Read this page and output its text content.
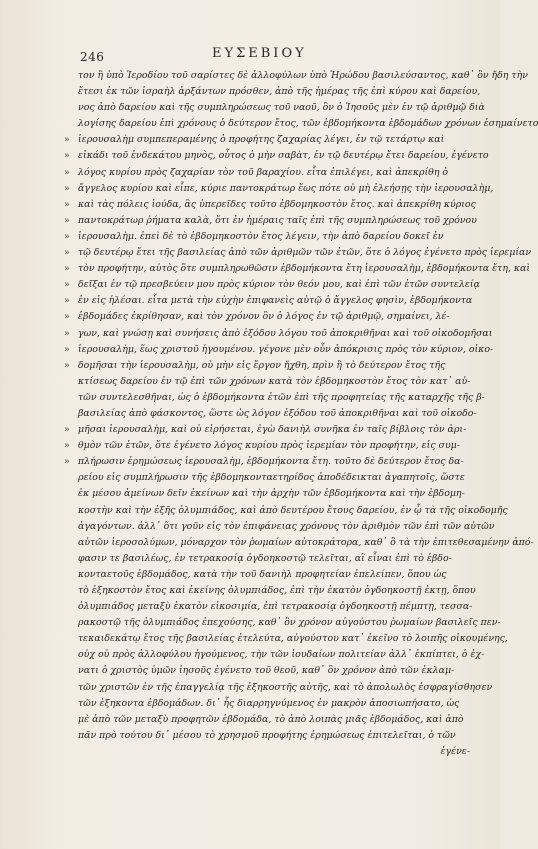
246	ΕΥΣΕΒΙΟΥ
τον ἢ ὑπὸ Ἱεροδίου τοῦ σαρίστες δὲ ἀλλοφύλων ὑπὸ Ἡρώδου βασιλεύσαντος, καθ᾽ ὃν ἤδη τὴν
ἔτεσι ἐκ τῶν ἰσραὴλ ἀρξάντων πρόσθεν, ἀπὸ τῆς ἡμέρας τῆς ἐπὶ κύρου καὶ δαρείου,
νος ἀπὸ δαρείου καὶ τῆς συμπληρώσεως τοῦ ναοῦ, ὃν ὁ Ἱησοῦς μὲν ἐν τῷ ἀριθμῷ διὰ
λογίσης δαρείου ἐπὶ χρόνους ὁ δεύτερον ἔτος, τῶν ἑβδομήκοντα ἑβδομάδων χρόνων ἐσημαίνετο
» ἱερουσαλὴμ συμπεπεραμένης ὁ προφήτης ζαχαρίας λέγει, ἐν τῷ τετάρτῳ καὶ
» εἰκάδι τοῦ ἑνδεκάτου μηνὸς, οὗτος ὁ μὴν σαβὰτ, ἐν τῷ δευτέρῳ ἔτει δαρείου, ἐγένετο
» λόγος κυρίου πρὸς ζαχαρίαν τὸν τοῦ βαραχίου. εἶτα ἐπιλέγει, καὶ ἀπεκρίθη ὁ
» ἄγγελος κυρίου καὶ εἶπε, κύριε παντοκράτωρ ἕως πότε οὐ μὴ ἐλεήσῃς τὴν ἱερουσαλὴμ,
» καὶ τὰς πόλεις ἰούδα, ἃς ὑπερεῖδες τοῦτο ἑβδομηκοστὸν ἔτος. καὶ ἀπεκρίθη κύριος
» παντοκράτωρ ῥήματα καλὰ, ὅτι ἐν ἡμέραις ταῖς ἐπὶ τῆς συμπληρώσεως τοῦ χρόνου
» ἱερουσαλὴμ. ἐπεὶ δὲ τὸ ἑβδομηκοστὸν ἔτος λέγειν, τὴν ἀπὸ δαρείου δοκεῖ ἐν
» τῷ δευτέρῳ ἔτει τῆς βασιλείας ἀπὸ τῶν ἀριθμῶν τῶν ἐτῶν, ὅτε ὁ λόγος ἐγένετο πρὸς ἱερεμίαν
» τὸν προφήτην, αὐτὸς ὅτε συμπληρωθῶσιν ἑβδομήκοντα ἔτη ἱερουσαλὴμ, ἑβδομήκοντα ἔτη, καὶ
» δεῖξαι ἐν τῷ πρεσβεύειν μου πρὸς κύριον τὸν θεόν μου, καὶ ἐπὶ τῶν ἐτῶν συντελείᾳ
» ἐν εἰς ἡλέσαι. εἶτα μετὰ τὴν εὐχὴν ἐπιφανεὶς αὐτῷ ὁ ἄγγελος φησὶν, ἑβδομήκοντα
» ἑβδομάδες ἐκρίθησαν, καὶ τὸν χρόνον ὃν ὁ λόγος ἐν τῷ ἀριθμῷ, σημαίνει, λέ-
» γων, καὶ γνώσῃ καὶ συνήσεις ἀπὸ ἐξόδου λόγου τοῦ ἀποκριθῆναι καὶ τοῦ οἰκοδομῆσαι
» ἱερουσαλὴμ, ἕως χριστοῦ ἡγουμένου. γέγονε μὲν οὖν ἀπόκρισις πρὸς τὸν κύριον, οἰκο-
» δομῆσαι τὴν ἱερουσαλὴμ, οὐ μὴν εἰς ἔργον ἤχθη, πρὶν ἢ τὸ δεύτερον ἔτος τῆς
κτίσεως δαρείου ἐν τῷ ἐπὶ τῶν χρόνων κατὰ τὸν ἑβδομηκοστὸν ἔτος τὸν κατ᾽ αὐ-
τῶν συντελεσθῆναι, ὡς ὁ ἑβδομήκοντα ἐτῶν ἐπὶ τῆς προφητείας τῆς καταρχῆς τῆς β-
βασιλείας ἀπὸ φάσκοντος, ὥστε ὡς λόγον ἐξόδου τοῦ ἀποκριθῆναι καὶ τοῦ οἰκοδο-
» μῆσαι ἱερουσαλὴμ, καὶ οὐ εἰρήσεται, ἐγὼ δανιὴλ συνῆκα ἐν ταῖς βίβλοις τὸν ἀρι-
» θμὸν τῶν ἐτῶν, ὅτε ἐγένετο λόγος κυρίου πρὸς ἱερεμίαν τὸν προφήτην, εἰς συμ-
» πλήρωσιν ἐρημώσεως ἱερουσαλὴμ, ἑβδομήκοντα ἔτη. τοῦτο δὲ δεύτερον ἔτος δα-
ρείου εἰς συμπλήρωσιν τῆς ἑβδομηκονταετηρίδος ἀποδέδεικται ἀγαπητοῖς, ὥστε
ἐκ μέσου ἀμείνων δεῖν ἐκείνων καὶ τὴν ἀρχὴν τῶν ἑβδομήκοντα καὶ τὴν ἐβδομη-
κοστὴν καὶ τὴν ἐξῆς ὀλυμπιάδος, καὶ ἀπὸ δευτέρου ἔτους δαρείου, ἐν ᾧ τὰ τῆς οἰκοδομῆς
ἀγαγόντων. ἀλλ᾽ ὅτι γοῦν εἰς τὸν ἐπιφάνειας χρόνους τὸν ἀριθμὸν τῶν ἐπὶ τῶν αὐτῶν
αὐτῶν ἱεροσολύμων, μόναρχον τὸν ῥωμαίων αὐτοκράτορα, καθ᾽ ὃ τὰ τὴν ἐπιτεθεσαμένην ἀπό-
φασιν τε βασιλέως, ἐν τετρακοσίᾳ ὀγδοηκοστῷ τελεῖται, αἳ εἶναι ἐπὶ τὸ ἑβδο-
κονταετοῦς ἑβδομάδος, κατὰ τὴν τοῦ δανιὴλ προφητείαν ἐπελείπεν, ὅπου ὡς
τὸ ἑξηκοστὸν ἔτος καὶ ἐκείνης ὀλυμπιάδος, ἐπὶ τὴν ἐκατὸν ὀγδοηκοστῇ ἑκτῃ, ὅπου
ὀλυμπιάδος μεταξὺ ἑκατὸν εἰκοσιμία, ἐπὶ τετρακοσίᾳ ὀγδοηκοστῇ πέμπτῃ, τεσσα-
ρακοστῷ τῆς ὀλυμπιάδος ἐπεχούσης, καθ᾽ ὃν χρόνον αὐγούστου ῥωμαίων βασιλεῖς πεν-
τεκαιδεκάτῳ ἔτος τῆς βασιλείας ἐτελεύτα, αὐγούστου κατ᾽ ἐκεῖνο τὸ λοιπῆς οἰκουμένης,
οὐχ οὐ πρὸς ἀλλοφύλου ἡγούμενος, τὴν τῶν ἰουδαίων πολιτείαν ἀλλ᾽ ἐκπίπτει, ὁ ἐχ-
νατι ὁ χριστὸς ὑμῶν ἰησοῦς ἐγένετο τοῦ θεοῦ, καθ᾽ ὃν χρόνον ἀπὸ τῶν ἐκλαμ-
τῶν χριστῶν ἐν τῆς ἐπαγγελίᾳ τῆς ἐξηκοστῆς αὐτῆς, καὶ τὸ ἀπολωλὸς ἐσφραγίσθησεν
τῶν ἑξηκοντα ἑβδομάδων. δι᾽ ἧς διαρρηγνύμενος ἐν μακρὸν ἀποσιωπήσατο, ὡς
μὲ ἀπὸ τῶν μεταξὺ προφητῶν ἑβδομάδα, τὸ ἀπὸ λοιπὰς μιᾶς ἑβδομάδος, καὶ ἀπὸ
πᾶν πρὸ τούτου δι᾽ μέσου τὸ χρησμοῦ προφήτης ἐρημώσεως ἐπιτελεῖται, ὁ τῶν
ἐγένε-
